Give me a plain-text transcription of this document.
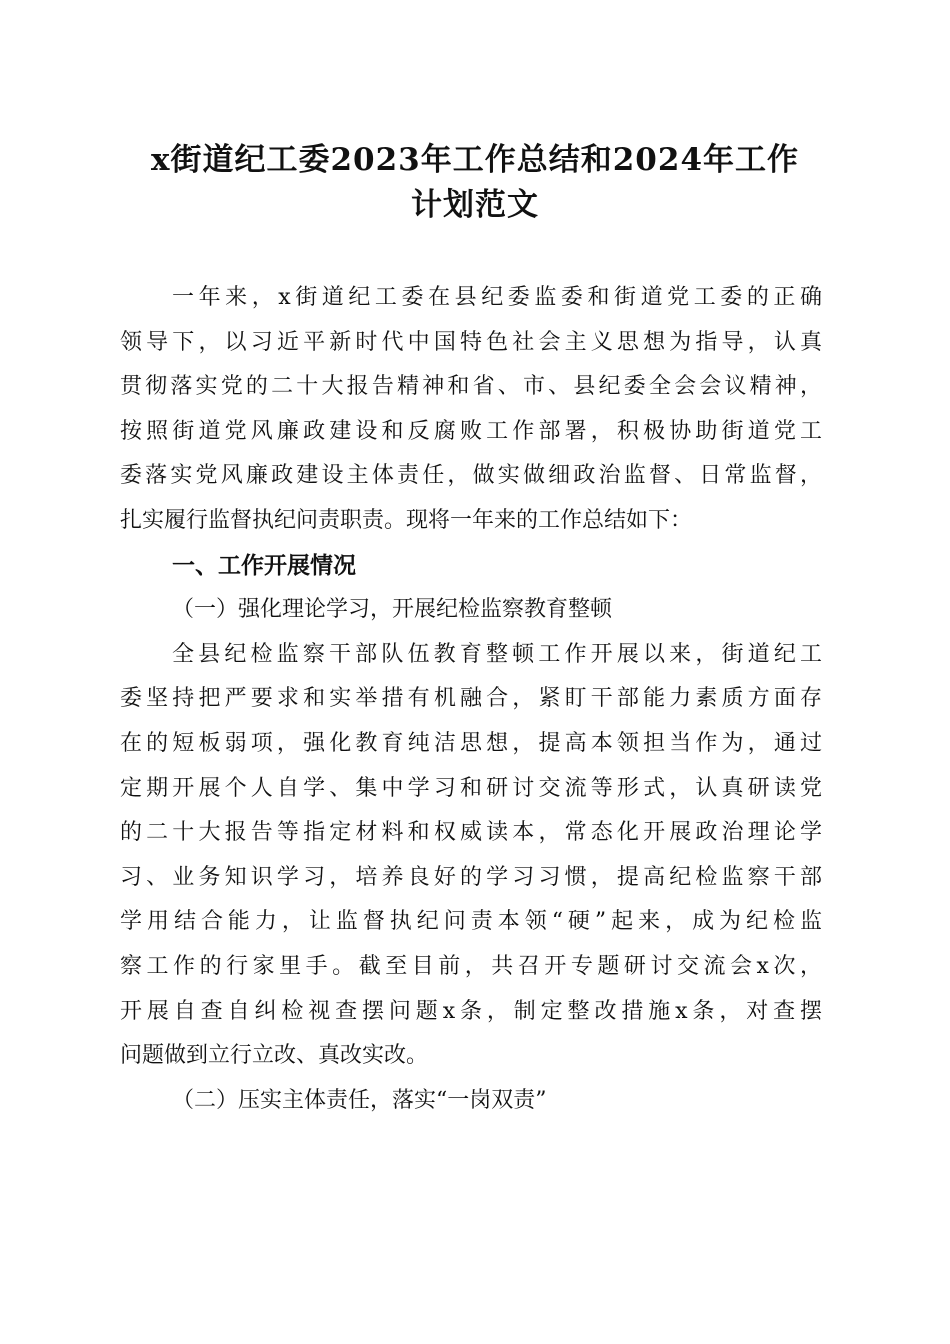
x街道纪工委2023年工作总结和2024年工作
计划范文
一年来，x街道纪工委在县纪委监委和街道党工委的正确
领导下，以习近平新时代中国特色社会主义思想为指导，认真
贯彻落实党的二十大报告精神和省、市、县纪委全会会议精神，
按照街道党风廉政建设和反腐败工作部署，积极协助街道党工
委落实党风廉政建设主体责任，做实做细政治监督、日常监督，
扎实履行监督执纪问责职责。现将一年来的工作总结如下：
一、工作开展情况
（一）强化理论学习，开展纪检监察教育整顿
全县纪检监察干部队伍教育整顿工作开展以来，街道纪工
委坚持把严要求和实举措有机融合，紧盯干部能力素质方面存
在的短板弱项，强化教育纯洁思想，提高本领担当作为，通过
定期开展个人自学、集中学习和研讨交流等形式，认真研读党
的二十大报告等指定材料和权威读本，常态化开展政治理论学
习、业务知识学习，培养良好的学习习惯，提高纪检监察干部
学用结合能力，让监督执纪问责本领“硬”起来，成为纪检监
察工作的行家里手。截至目前，共召开专题研讨交流会x次，
开展自查自纠检视查摆问题x条，制定整改措施x条，对查摆
问题做到立行立改、真改实改。
（二）压实主体责任，落实“一岗双责”
